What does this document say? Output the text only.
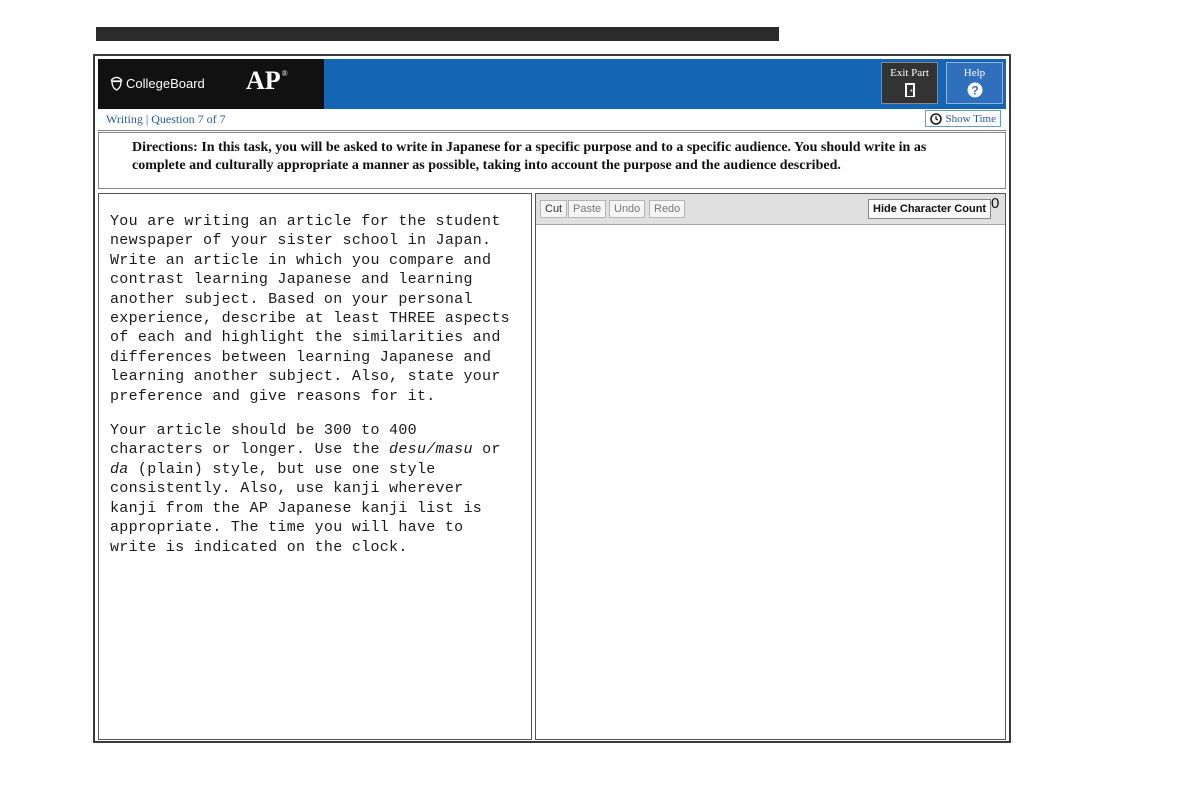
CollegeBoard AP®	Exit Part	Help
?
Writing | Question 7 of 7	Show Time

Directions: In this task, you will be asked to write in Japanese for a specific purpose and to a specific audience. You should write in as complete and culturally appropriate a manner as possible, taking into account the purpose and the audience described.

You are writing an article for the student newspaper of your sister school in Japan. Write an article in which you compare and contrast learning Japanese and learning another subject. Based on your personal experience, describe at least THREE aspects of each and highlight the similarities and differences between learning Japanese and learning another subject. Also, state your preference and give reasons for it.

Your article should be 300 to 400 characters or longer. Use the desu/masu or da (plain) style, but use one style consistently. Also, use kanji wherever kanji from the AP Japanese kanji list is appropriate. The time you will have to write is indicated on the clock.

Cut Paste	Undo	Redo	Hide Character Count 0
